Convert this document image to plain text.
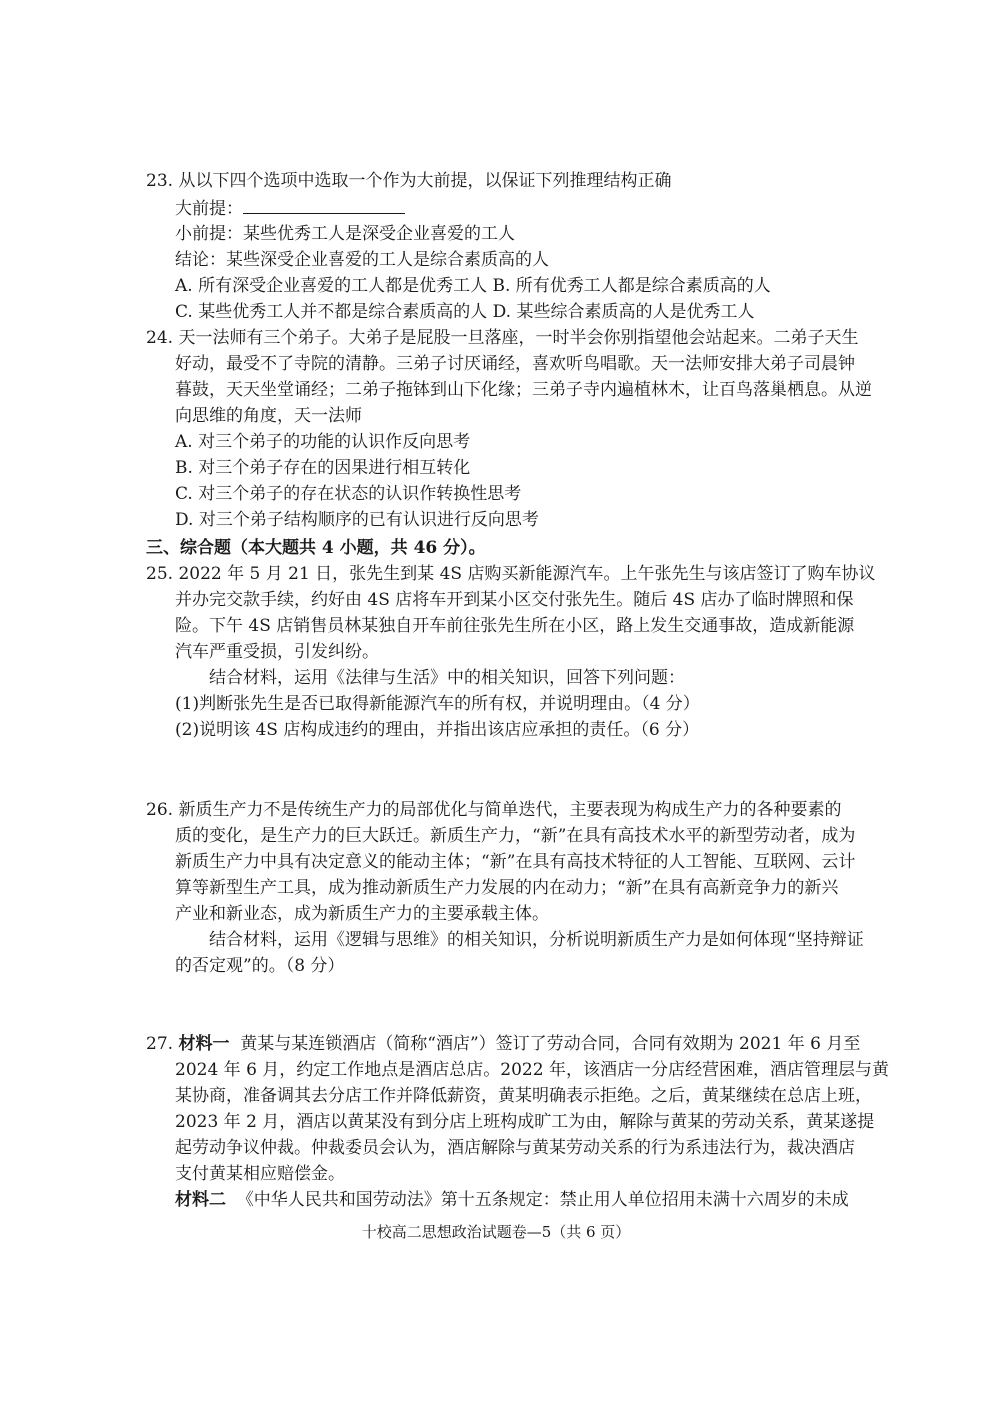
23. 从以下四个选项中选取一个作为大前提，以保证下列推理结构正确
大前提：
小前提：某些优秀工人是深受企业喜爱的工人
结论：某些深受企业喜爱的工人是综合素质高的人
A. 所有深受企业喜爱的工人都是优秀工人 B. 所有优秀工人都是综合素质高的人
C. 某些优秀工人并不都是综合素质高的人 D. 某些综合素质高的人是优秀工人
24. 天一法师有三个弟子。大弟子是屁股一旦落座，一时半会你别指望他会站起来。二弟子天生
好动，最受不了寺院的清静。三弟子讨厌诵经，喜欢听鸟唱歌。天一法师安排大弟子司晨钟
暮鼓，天天坐堂诵经；二弟子拖钵到山下化缘；三弟子寺内遍植林木，让百鸟落巢栖息。从逆
向思维的角度，天一法师
A. 对三个弟子的功能的认识作反向思考
B. 对三个弟子存在的因果进行相互转化
C. 对三个弟子的存在状态的认识作转换性思考
D. 对三个弟子结构顺序的已有认识进行反向思考
三、综合题（本大题共 4 小题，共 46 分）。
25. 2022 年 5 月 21 日，张先生到某 4S 店购买新能源汽车。上午张先生与该店签订了购车协议
并办完交款手续，约好由 4S 店将车开到某小区交付张先生。随后 4S 店办了临时牌照和保
险。下午 4S 店销售员林某独自开车前往张先生所在小区，路上发生交通事故，造成新能源
汽车严重受损，引发纠纷。
结合材料，运用《法律与生活》中的相关知识，回答下列问题：
(1)判断张先生是否已取得新能源汽车的所有权，并说明理由。（4 分）
(2)说明该 4S 店构成违约的理由，并指出该店应承担的责任。（6 分）
26. 新质生产力不是传统生产力的局部优化与简单迭代，主要表现为构成生产力的各种要素的
质的变化，是生产力的巨大跃迁。新质生产力，“新”在具有高技术水平的新型劳动者，成为
新质生产力中具有决定意义的能动主体；“新”在具有高技术特征的人工智能、互联网、云计
算等新型生产工具，成为推动新质生产力发展的内在动力；“新”在具有高新竞争力的新兴
产业和新业态，成为新质生产力的主要承载主体。
结合材料，运用《逻辑与思维》的相关知识，分析说明新质生产力是如何体现“坚持辩证
的否定观”的。（8 分）
27. 材料一 黄某与某连锁酒店（简称“酒店”）签订了劳动合同，合同有效期为 2021 年 6 月至
2024 年 6 月，约定工作地点是酒店总店。2022 年，该酒店一分店经营困难，酒店管理层与黄
某协商，准备调其去分店工作并降低薪资，黄某明确表示拒绝。之后，黄某继续在总店上班，
2023 年 2 月，酒店以黄某没有到分店上班构成旷工为由，解除与黄某的劳动关系，黄某遂提
起劳动争议仲裁。仲裁委员会认为，酒店解除与黄某劳动关系的行为系违法行为，裁决酒店
支付黄某相应赔偿金。
材料二 《中华人民共和国劳动法》第十五条规定：禁止用人单位招用未满十六周岁的未成
十校高二思想政治试题卷—5（共 6 页）
